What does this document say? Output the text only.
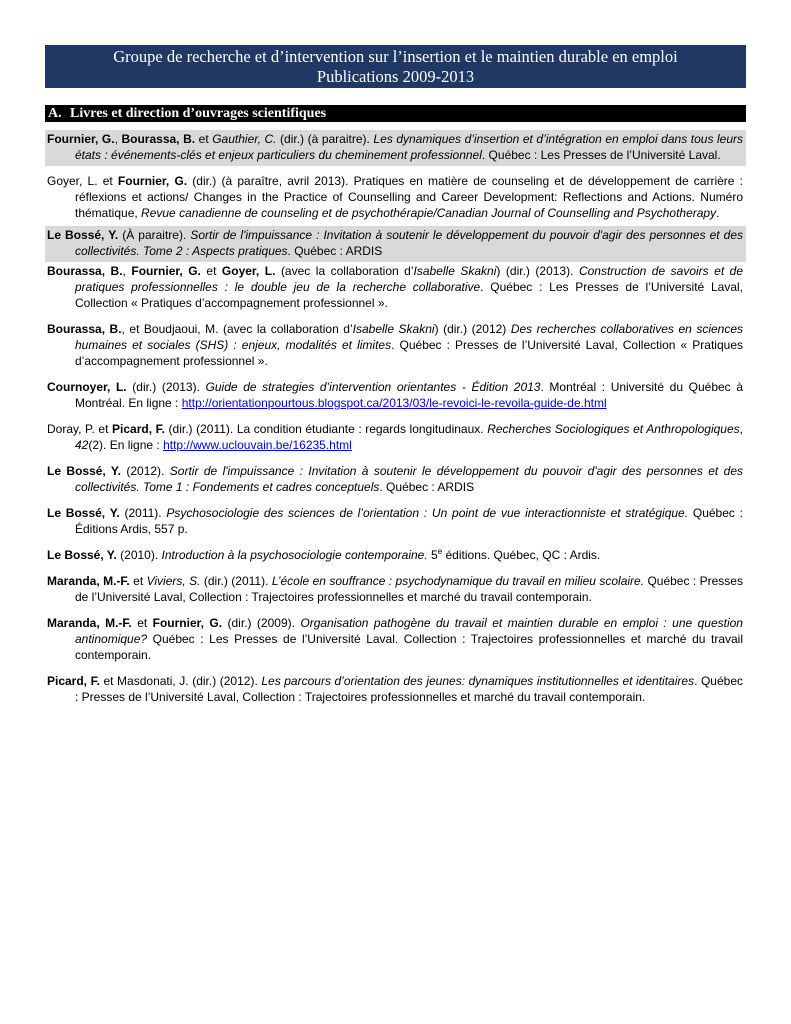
Groupe de recherche et d’intervention sur l’insertion et le maintien durable en emploi
Publications 2009-2013
A. Livres et direction d’ouvrages scientifiques
Fournier, G., Bourassa, B. et Gauthier, C. (dir.) (à paraitre). Les dynamiques d’insertion et d’intégration en emploi dans tous leurs états : événements-clés et enjeux particuliers du cheminement professionnel. Québec : Les Presses de l’Université Laval.
Goyer, L. et Fournier, G. (dir.) (à paraître, avril 2013). Pratiques en matière de counseling et de développement de carrière : réflexions et actions/ Changes in the Practice of Counselling and Career Development: Reflections and Actions. Numéro thématique, Revue canadienne de counseling et de psychothérapie/Canadian Journal of Counselling and Psychotherapy.
Le Bossé, Y. (À paraitre). Sortir de l'impuissance : Invitation à soutenir le développement du pouvoir d'agir des personnes et des collectivités. Tome 2 : Aspects pratiques. Québec : ARDIS
Bourassa, B., Fournier, G. et Goyer, L. (avec la collaboration d’Isabelle Skakni) (dir.) (2013). Construction de savoirs et de pratiques professionnelles : le double jeu de la recherche collaborative. Québec : Les Presses de l’Université Laval, Collection « Pratiques d’accompagnement professionnel ».
Bourassa, B., et Boudjaoui, M. (avec la collaboration d’Isabelle Skakni) (dir.) (2012) Des recherches collaboratives en sciences humaines et sociales (SHS) : enjeux, modalités et limites. Québec : Presses de l’Université Laval, Collection « Pratiques d’accompagnement professionnel ».
Cournoyer, L. (dir.) (2013). Guide de strategies d’intervention orientantes - Édition 2013. Montréal : Université du Québec à Montréal. En ligne : http://orientationpourtous.blogspot.ca/2013/03/le-revoici-le-revoila-guide-de.html
Doray, P. et Picard, F. (dir.) (2011). La condition étudiante : regards longitudinaux. Recherches Sociologiques et Anthropologiques, 42(2). En ligne : http://www.uclouvain.be/16235.html
Le Bossé, Y. (2012). Sortir de l'impuissance : Invitation à soutenir le développement du pouvoir d'agir des personnes et des collectivités. Tome 1 : Fondements et cadres conceptuels. Québec : ARDIS
Le Bossé, Y. (2011). Psychosociologie des sciences de l’orientation : Un point de vue interactionniste et stratégique. Québec : Éditions Ardis, 557 p.
Le Bossé, Y. (2010). Introduction à la psychosociologie contemporaine. 5e éditions. Québec, QC : Ardis.
Maranda, M.-F. et Viviers, S. (dir.) (2011). L’école en souffrance : psychodynamique du travail en milieu scolaire. Québec : Presses de l’Université Laval, Collection : Trajectoires professionnelles et marché du travail contemporain.
Maranda, M.-F. et Fournier, G. (dir.) (2009). Organisation pathogène du travail et maintien durable en emploi : une question antinomique? Québec : Les Presses de l’Université Laval. Collection : Trajectoires professionnelles et marché du travail contemporain.
Picard, F. et Masdonati, J. (dir.) (2012). Les parcours d’orientation des jeunes: dynamiques institutionnelles et identitaires. Québec : Presses de l’Université Laval, Collection : Trajectoires professionnelles et marché du travail contemporain.
